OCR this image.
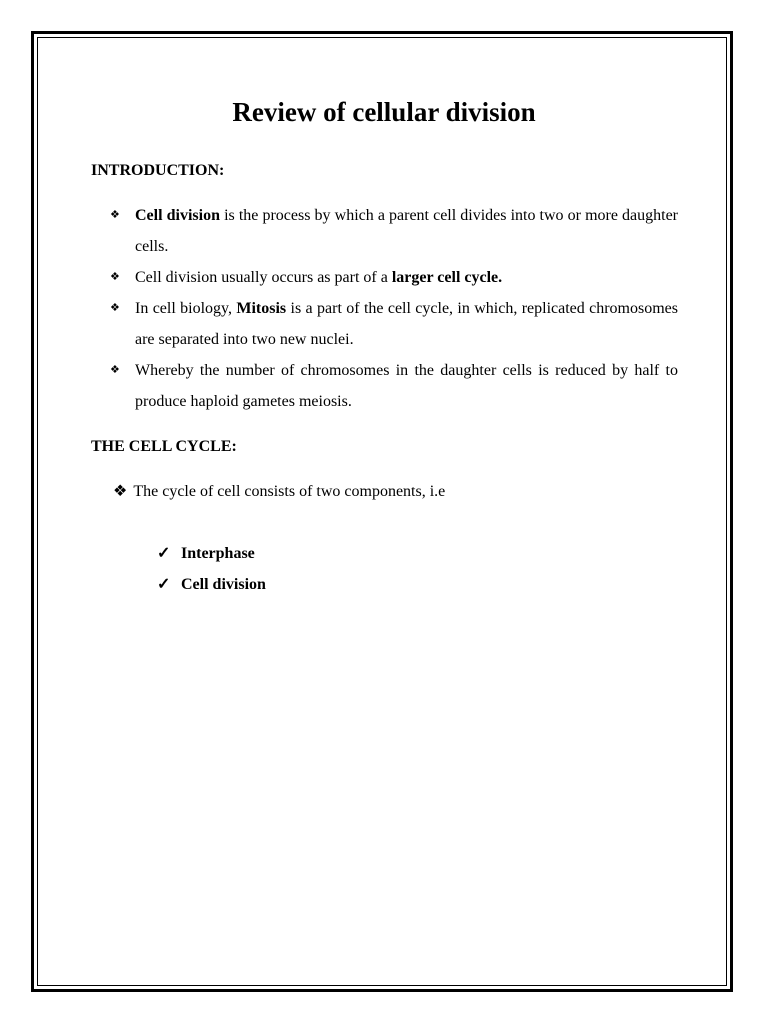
Review of cellular division
INTRODUCTION:
❖ Cell division is the process by which a parent cell divides into two or more daughter cells.
❖ Cell division usually occurs as part of a larger cell cycle.
❖ In cell biology, Mitosis is a part of the cell cycle, in which, replicated chromosomes are separated into two new nuclei.
❖ Whereby the number of chromosomes in the daughter cells is reduced by half to produce haploid gametes meiosis.
THE CELL CYCLE:
❖ The cycle of cell consists of two components, i.e
✓ Interphase
✓ Cell division
